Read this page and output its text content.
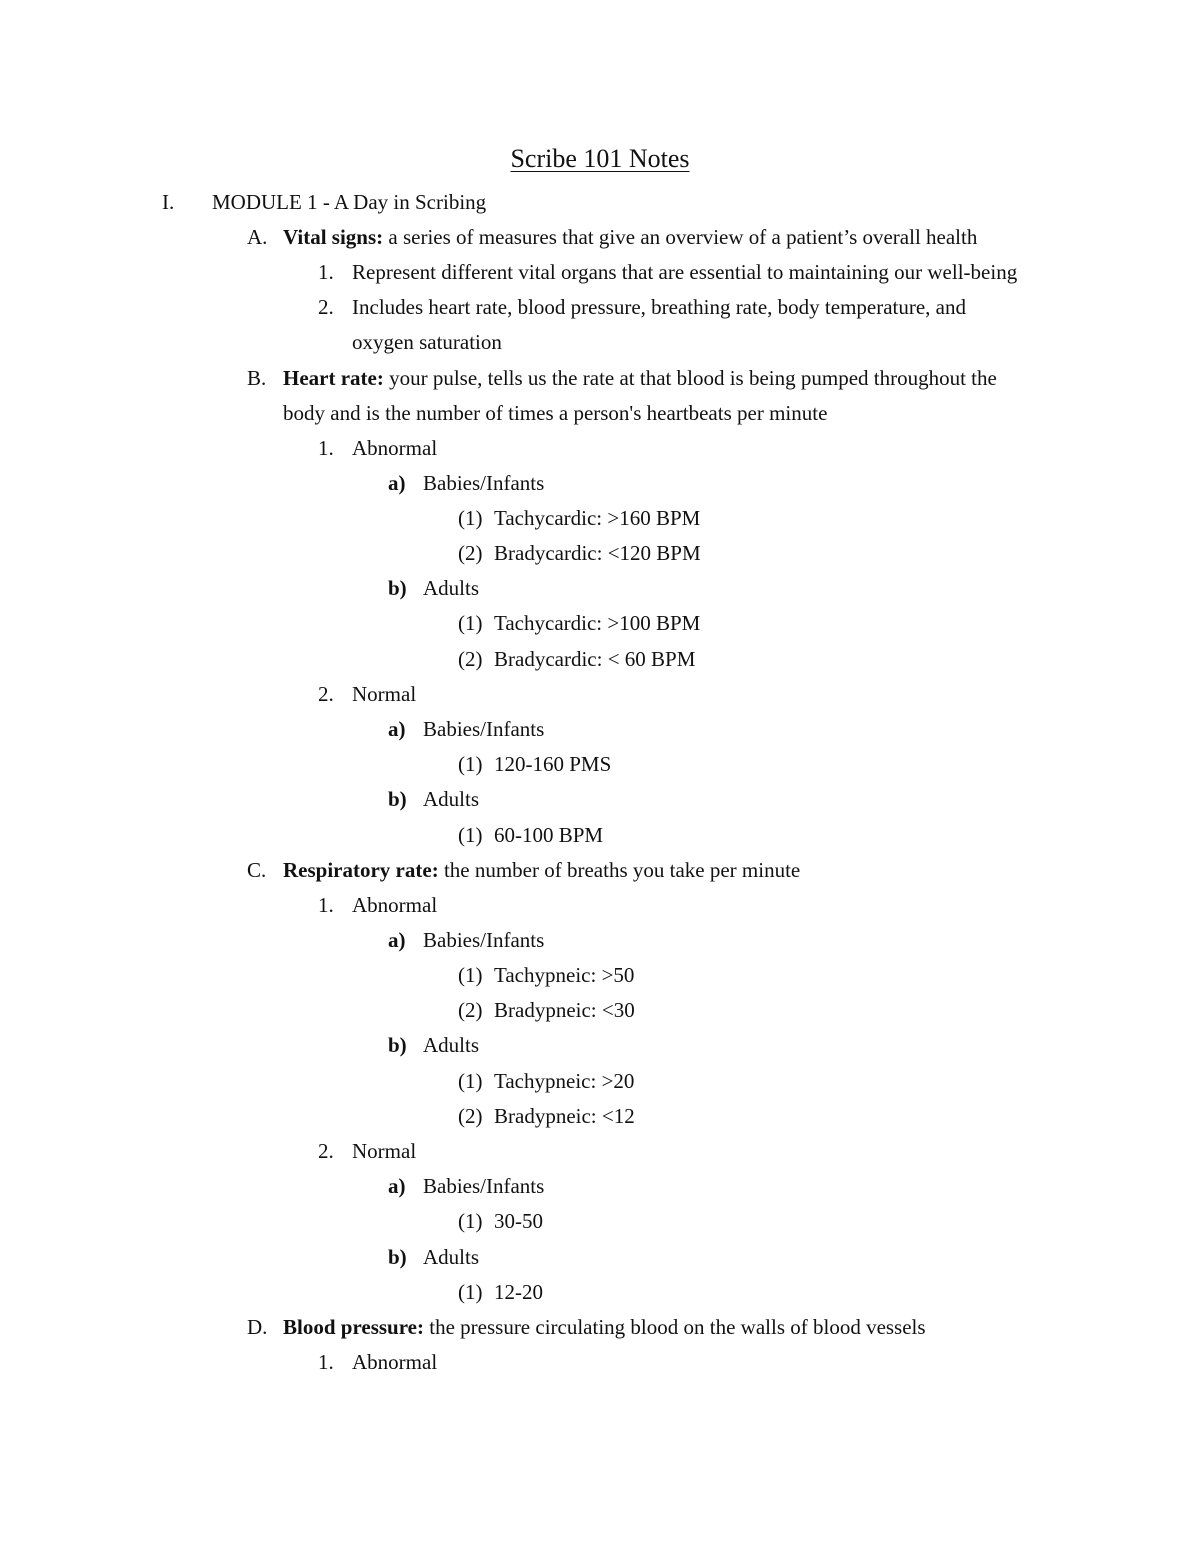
Scribe 101 Notes
I. MODULE 1 - A Day in Scribing
A. Vital signs: a series of measures that give an overview of a patient’s overall health
1. Represent different vital organs that are essential to maintaining our well-being
2. Includes heart rate, blood pressure, breathing rate, body temperature, and
oxygen saturation
B. Heart rate: your pulse, tells us the rate at that blood is being pumped throughout the
body and is the number of times a person's heartbeats per minute
1. Abnormal
a) Babies/Infants
(1) Tachycardic: >160 BPM
(2) Bradycardic: <120 BPM
b) Adults
(1) Tachycardic: >100 BPM
(2) Bradycardic: < 60 BPM
2. Normal
a) Babies/Infants
(1) 120-160 PMS
b) Adults
(1) 60-100 BPM
C. Respiratory rate: the number of breaths you take per minute
1. Abnormal
a) Babies/Infants
(1) Tachypneic: >50
(2) Bradypneic: <30
b) Adults
(1) Tachypneic: >20
(2) Bradypneic: <12
2. Normal
a) Babies/Infants
(1) 30-50
b) Adults
(1) 12-20
D. Blood pressure: the pressure circulating blood on the walls of blood vessels
1. Abnormal
